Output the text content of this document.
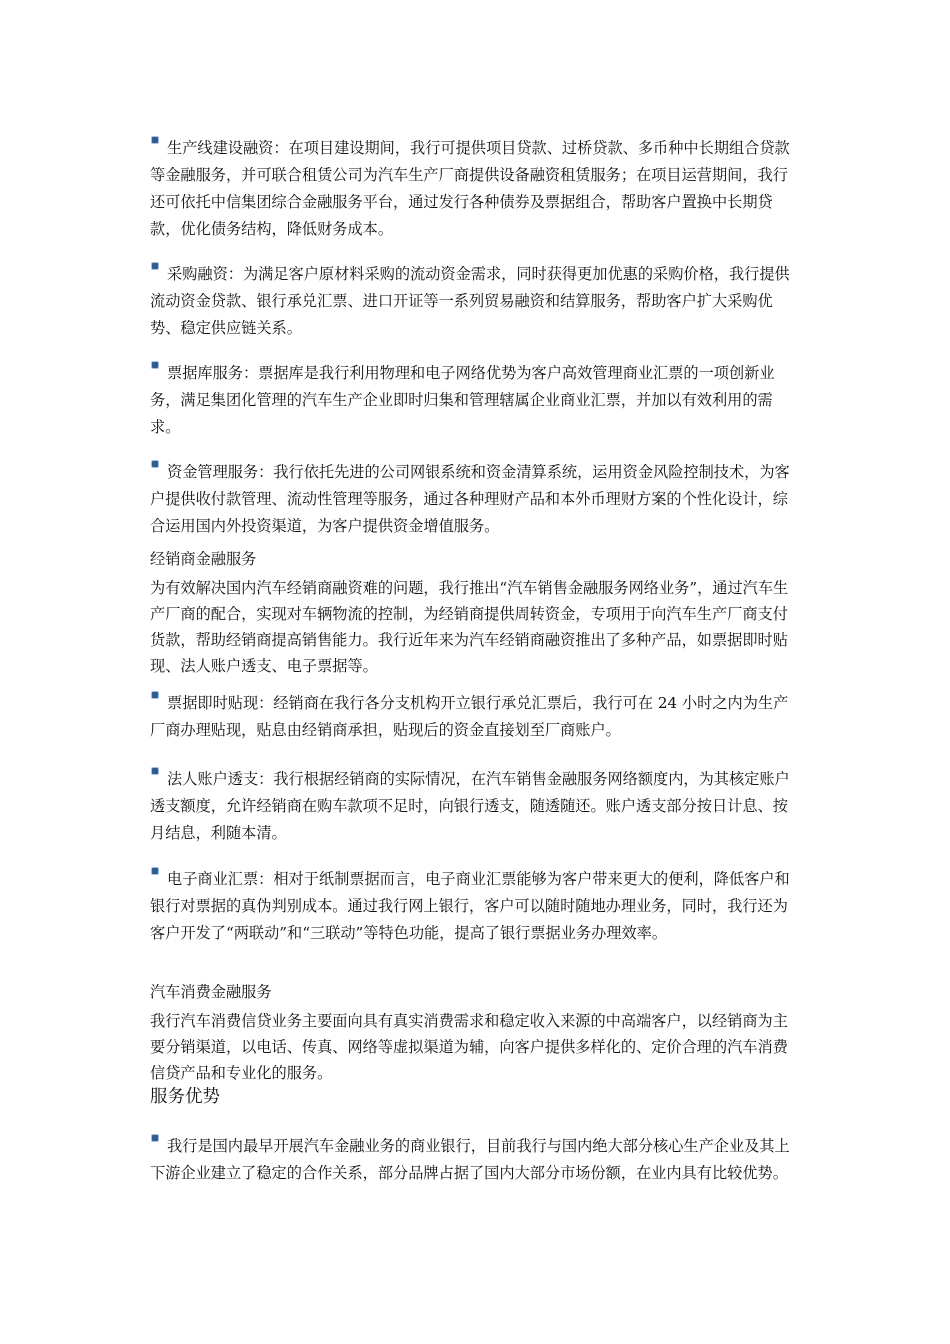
生产线建设融资：在项目建设期间，我行可提供项目贷款、过桥贷款、多币种中长期组合贷款等金融服务，并可联合租赁公司为汽车生产厂商提供设备融资租赁服务；在项目运营期间，我行还可依托中信集团综合金融服务平台，通过发行各种债券及票据组合，帮助客户置换中长期贷款，优化债务结构，降低财务成本。
采购融资：为满足客户原材料采购的流动资金需求，同时获得更加优惠的采购价格，我行提供流动资金贷款、银行承兑汇票、进口开证等一系列贸易融资和结算服务，帮助客户扩大采购优势、稳定供应链关系。
票据库服务：票据库是我行利用物理和电子网络优势为客户高效管理商业汇票的一项创新业务，满足集团化管理的汽车生产企业即时归集和管理辖属企业商业汇票，并加以有效利用的需求。
资金管理服务：我行依托先进的公司网银系统和资金清算系统，运用资金风险控制技术，为客户提供收付款管理、流动性管理等服务，通过各种理财产品和本外币理财方案的个性化设计，综合运用国内外投资渠道，为客户提供资金增值服务。
经销商金融服务
为有效解决国内汽车经销商融资难的问题，我行推出“汽车销售金融服务网络业务”，通过汽车生产厂商的配合，实现对车辆物流的控制，为经销商提供周转资金，专项用于向汽车生产厂商支付货款，帮助经销商提高销售能力。我行近年来为汽车经销商融资推出了多种产品，如票据即时贴现、法人账户透支、电子票据等。
票据即时贴现：经销商在我行各分支机构开立银行承兑汇票后，我行可在 24 小时之内为生产厂商办理贴现，贴息由经销商承担，贴现后的资金直接划至厂商账户。
法人账户透支：我行根据经销商的实际情况，在汽车销售金融服务网络额度内，为其核定账户透支额度，允许经销商在购车款项不足时，向银行透支，随透随还。账户透支部分按日计息、按月结息，利随本清。
电子商业汇票：相对于纸制票据而言，电子商业汇票能够为客户带来更大的便利，降低客户和银行对票据的真伪判别成本。通过我行网上银行，客户可以随时随地办理业务，同时，我行还为客户开发了“两联动”和“三联动”等特色功能，提高了银行票据业务办理效率。
汽车消费金融服务
我行汽车消费信贷业务主要面向具有真实消费需求和稳定收入来源的中高端客户，以经销商为主要分销渠道，以电话、传真、网络等虚拟渠道为辅，向客户提供多样化的、定价合理的汽车消费信贷产品和专业化的服务。
服务优势
我行是国内最早开展汽车金融业务的商业银行，目前我行与国内绝大部分核心生产企业及其上下游企业建立了稳定的合作关系，部分品牌占据了国内大部分市场份额，在业内具有比较优势。
